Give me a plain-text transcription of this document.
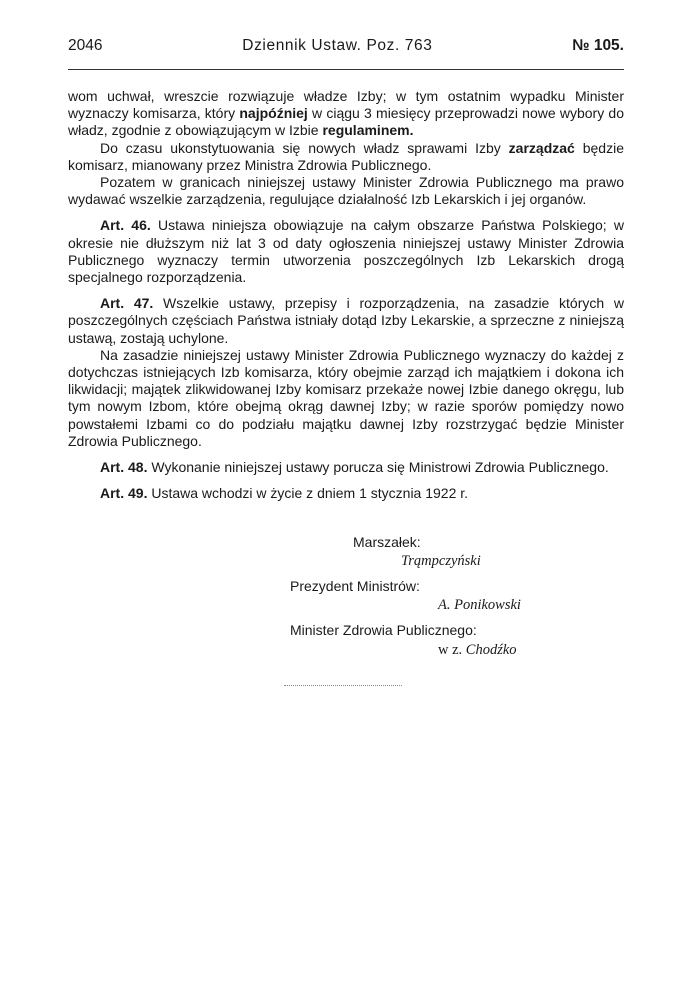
2046	Dziennik Ustaw. Poz. 763	№ 105.

wom uchwał, wreszcie rozwiązuje władze Izby; w tym ostatnim wypadku Minister wyznaczy komisarza, który najpóźniej w ciągu 3 miesięcy przeprowadzi nowe wybory do władz, zgodnie z obowiązującym w Izbie regulaminem.

Do czasu ukonstytuowania się nowych władz sprawami Izby zarządzać będzie komisarz, mianowany przez Ministra Zdrowia Publicznego.

Pozatem w granicach niniejszej ustawy Minister Zdrowia Publicznego ma prawo wydawać wszelkie zarządzenia, regulujące działalność Izb Lekarskich i jej organów.

Art. 46. Ustawa niniejsza obowiązuje na całym obszarze Państwa Polskiego; w okresie nie dłuższym niż lat 3 od daty ogłoszenia niniejszej ustawy Minister Zdrowia Publicznego wyznaczy termin utworzenia poszczególnych Izb Lekarskich drogą specjalnego rozporządzenia.

Art. 47. Wszelkie ustawy, przepisy i rozporządzenia, na zasadzie których w poszczególnych częściach Państwa istniały dotąd Izby Lekarskie, a sprzeczne z niniejszą ustawą, zostają uchylone.

Na zasadzie niniejszej ustawy Minister Zdrowia Publicznego wyznaczy do każdej z dotychczas istniejących Izb komisarza, który obejmie zarząd ich majątkiem i dokona ich likwidacji; majątek zlikwidowanej Izby komisarz przekaże nowej Izbie danego okręgu, lub tym nowym Izbom, które obejmą okrąg dawnej Izby; w razie sporów pomiędzy nowo powstałemi Izbami co do podziału majątku dawnej Izby rozstrzygać będzie Minister Zdrowia Publicznego.

Art. 48. Wykonanie niniejszej ustawy porucza się Ministrowi Zdrowia Publicznego.

Art. 49. Ustawa wchodzi w życie z dniem 1 stycznia 1922 r.

Marszałek:
Trąmpczyński
Prezydent Ministrów:
A. Ponikowski
Minister Zdrowia Publicznego:
w z. Chodźko
